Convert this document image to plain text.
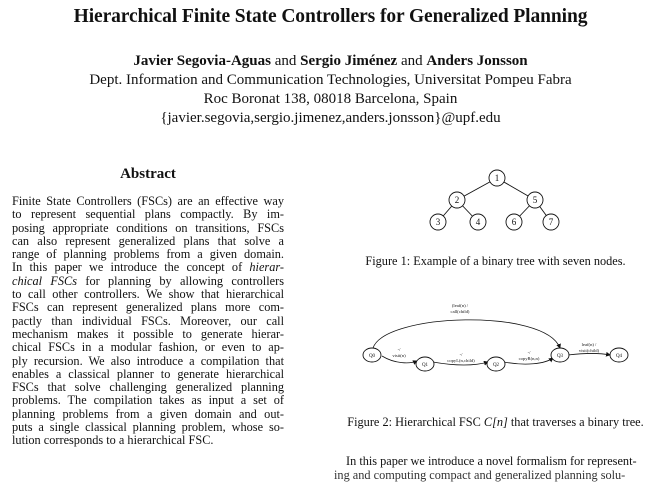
Hierarchical Finite State Controllers for Generalized Planning
Javier Segovia-Aguas and Sergio Jiménez and Anders Jonsson
Dept. Information and Communication Technologies, Universitat Pompeu Fabra
Roc Boronat 138, 08018 Barcelona, Spain
{javier.segovia,sergio.jimenez,anders.jonsson}@upf.edu
Abstract
Finite State Controllers (FSCs) are an effective way
to represent sequential plans compactly. By im-
posing appropriate conditions on transitions, FSCs
can also represent generalized plans that solve a
range of planning problems from a given domain.
In this paper we introduce the concept of hierar-
chical FSCs for planning by allowing controllers
to call other controllers. We show that hierarchical
FSCs can represent generalized plans more com-
pactly than individual FSCs. Moreover, our call
mechanism makes it possible to generate hierar-
chical FSCs in a modular fashion, or even to ap-
ply recursion. We also introduce a compilation that
enables a classical planner to generate hierarchical
FSCs that solve challenging generalized planning
problems. The compilation takes as input a set of
planning problems from a given domain and out-
puts a single classical planning problem, whose so-
lution corresponds to a hierarchical FSC.
1
2	5
3	4	6	7
Figure 1: Example of a binary tree with seven nodes.
Q0
Q1	Q2
Q3	Q4
(leaf(n) /
call(child)
-/
visit(n)	-/
copyL(n,child)
-/
copyR(n,n)
leaf(n) /
visit(child)
Figure 2: Hierarchical FSC C[n] that traverses a binary tree.
In this paper we introduce a novel formalism for represent-
ing and computing compact and generalized planning solu-
